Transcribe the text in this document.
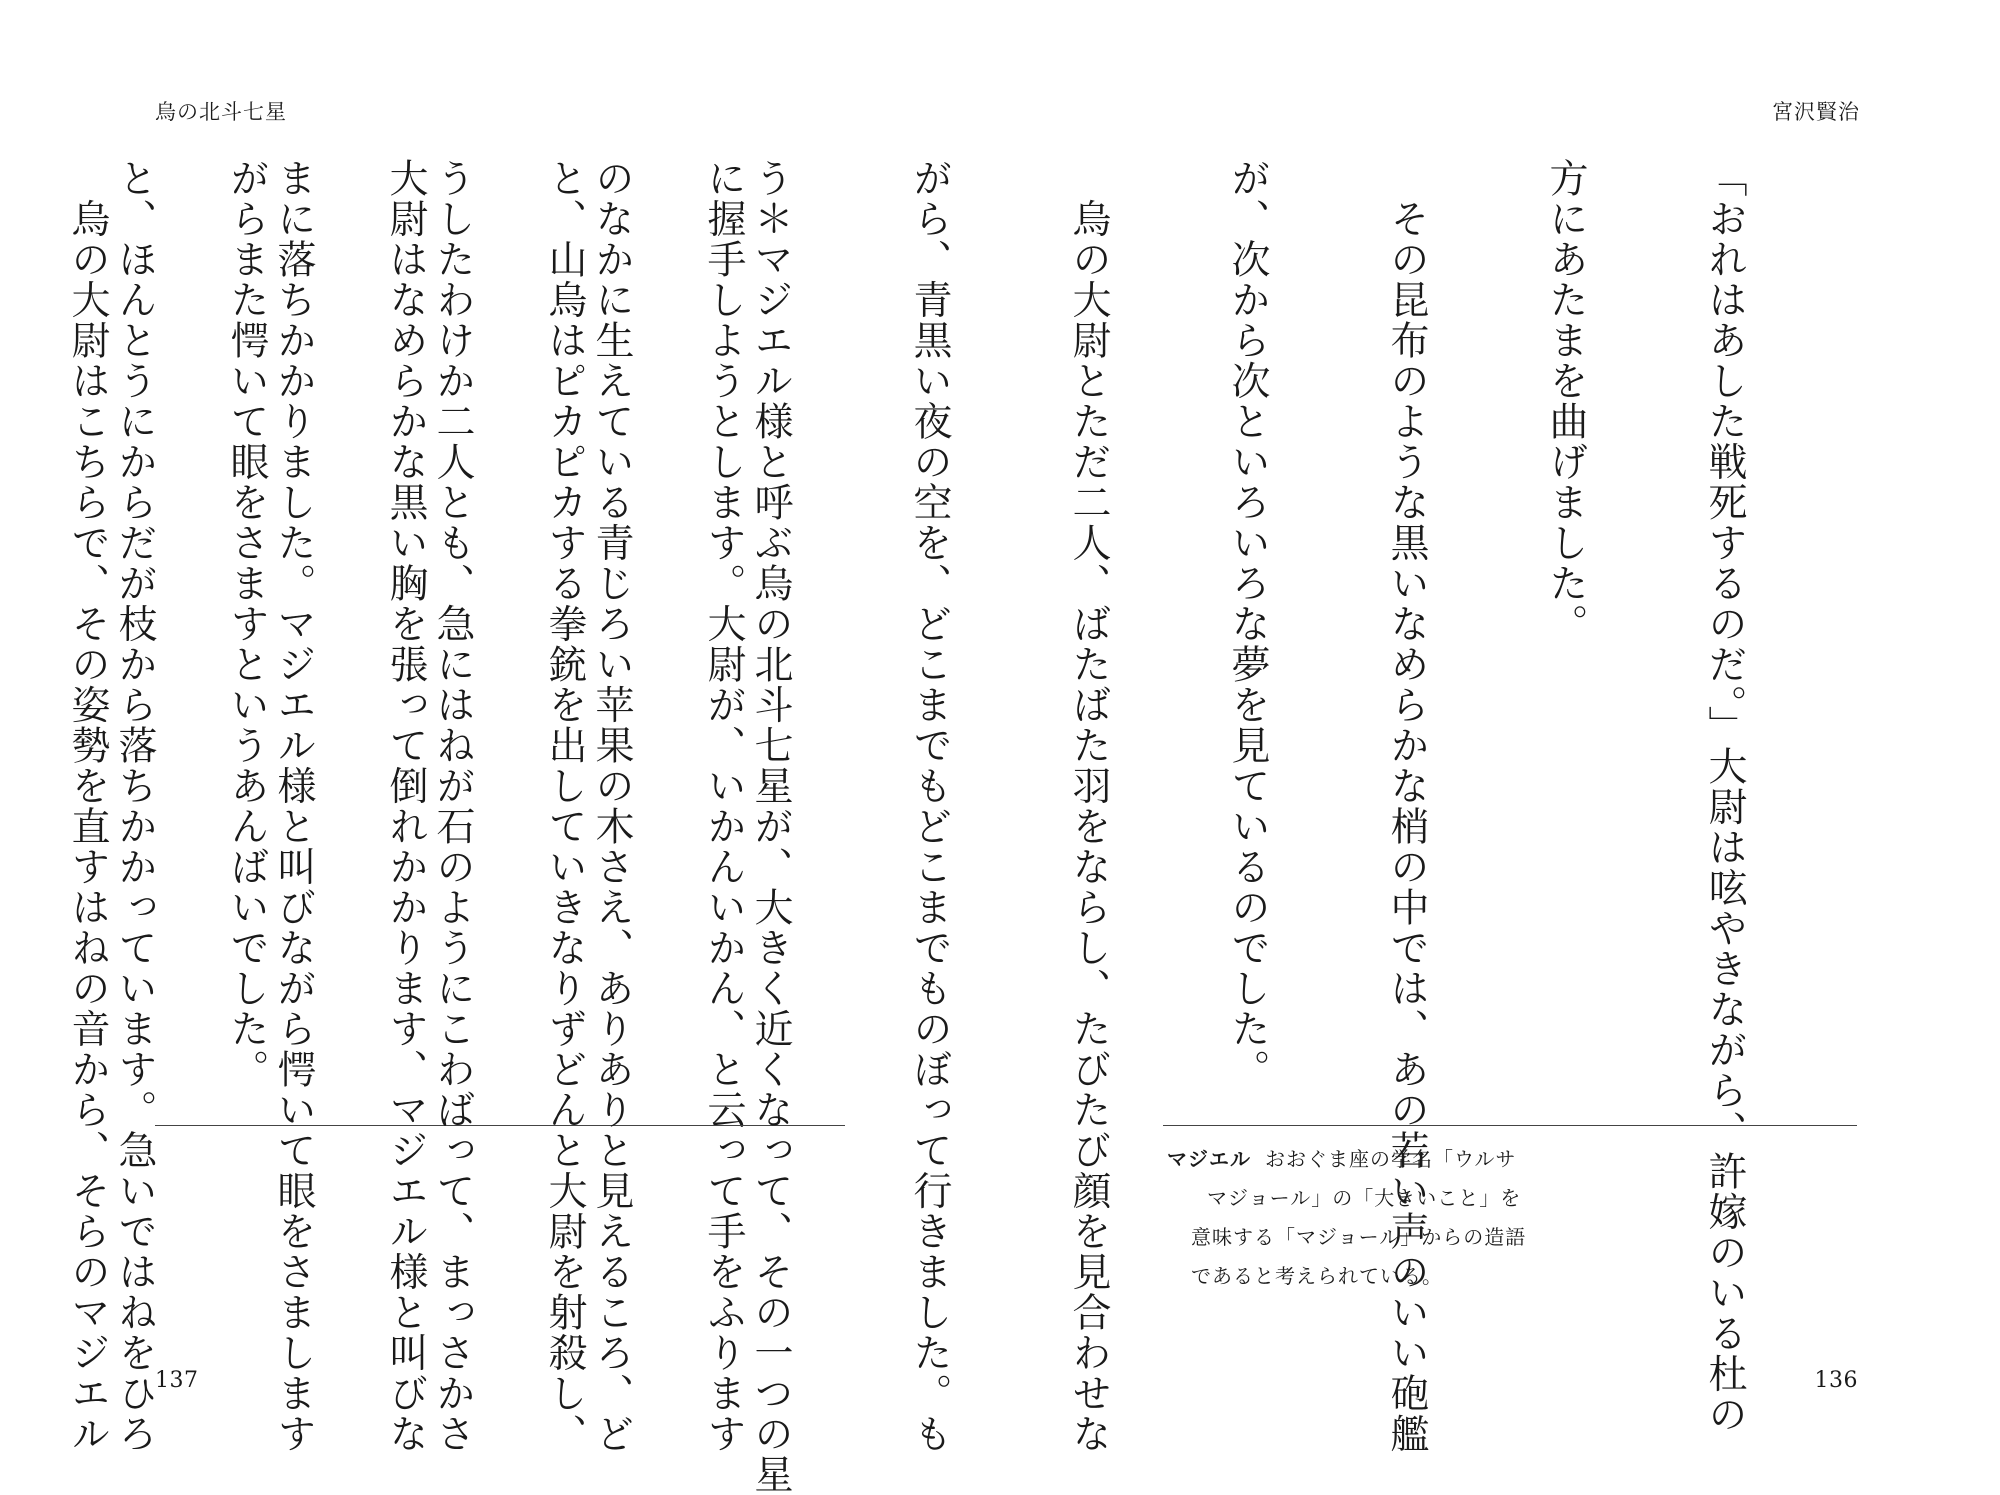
烏の北斗七星

に握手しようとします。大尉が、いかんいかん、と云って手をふります

と、山烏はピカピカする拳銃を出していきなりずどんと大尉を射殺し、

大尉はなめらかな黒い胸を張って倒れかかります、マジエル様と叫びな

がらまた愕いて眼をさますというあんばいでした。

　烏の大尉はこちらで、その姿勢を直すはねの音から、そらのマジエル

137
宮沢賢治

「おれはあした戦死するのだ。」大尉は呟やきながら、許嫁のいる杜の

方にあたまを曲げました。

　その昆布のような黒いなめらかな梢の中では、あの若い声のいい砲艦

が、次から次といろいろな夢を見ているのでした。

　烏の大尉とただ二人、ばたばた羽をならし、たびたび顔を見合わせな

がら、青黒い夜の空を、どこまでもどこまでものぼって行きました。も

う＊マジエル様と呼ぶ烏の北斗七星が、大きく近くなって、その一つの星

のなかに生えている青じろい苹果の木さえ、ありありと見えるころ、ど

うしたわけか二人とも、急にはねが石のようにこわばって、まっさかさ

まに落ちかかりました。マジエル様と叫びながら愕いて眼をさまします

と、ほんとうにからだが枝から落ちかかっています。急いではねをひろ

	マジエル おおぐま座の学名「ウルサ
マジョール」の「大きいこと」を
意味する「マジョール」からの造語
であると考えられている。
136
